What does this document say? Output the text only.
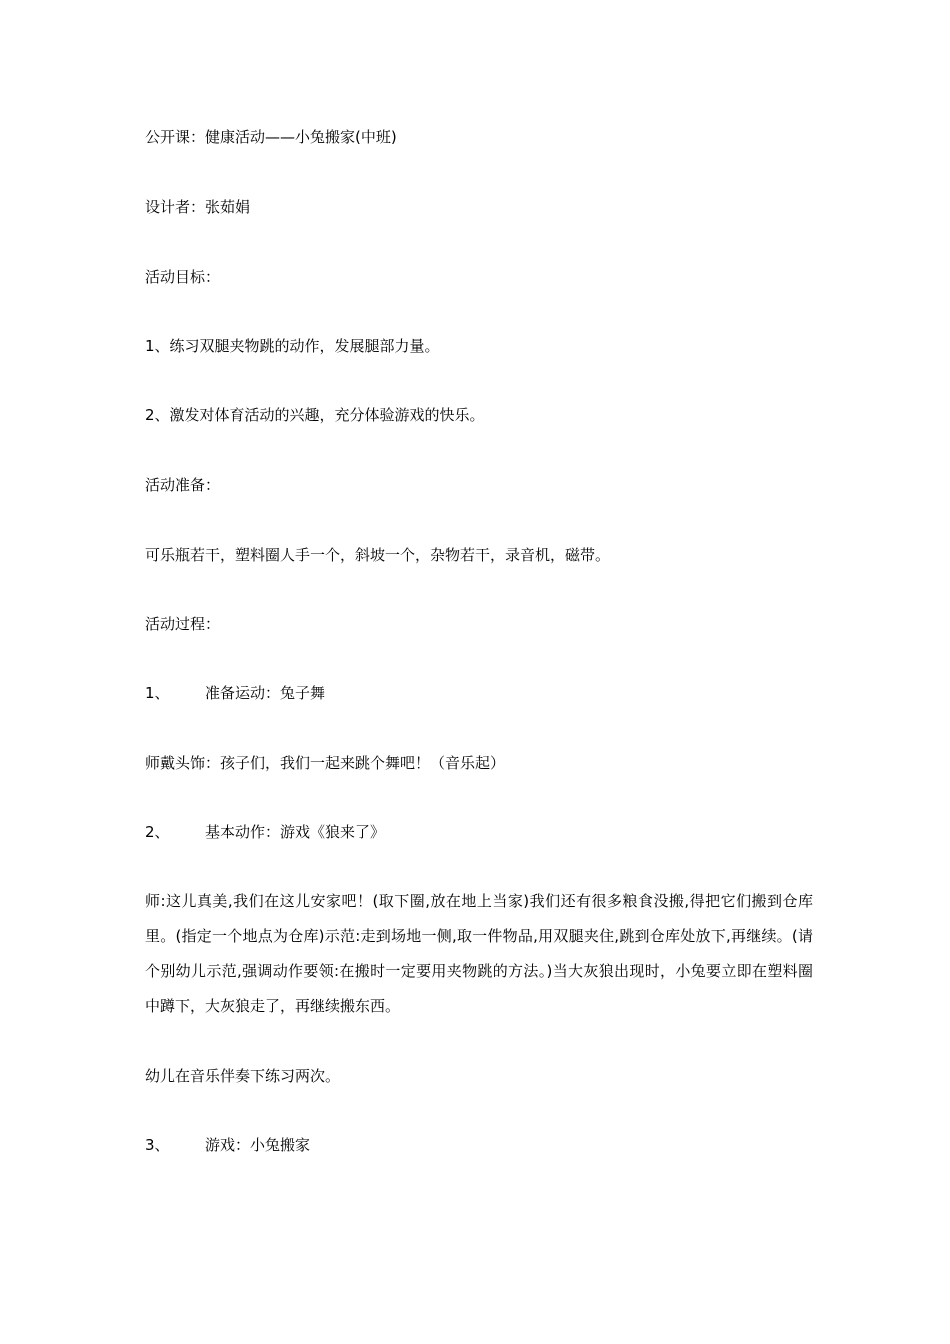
公开课：健康活动——小兔搬家(中班)
设计者：张茹娟
活动目标：
1、练习双腿夹物跳的动作，发展腿部力量。
2、激发对体育活动的兴趣，充分体验游戏的快乐。
活动准备：
可乐瓶若干，塑料圈人手一个，斜坡一个，杂物若干，录音机，磁带。
活动过程：
1、 准备运动：兔子舞
师戴头饰：孩子们，我们一起来跳个舞吧！（音乐起）
2、 基本动作：游戏《狼来了》
师:这儿真美,我们在这儿安家吧！(取下圈,放在地上当家)我们还有很多粮食没搬,得把它们搬到仓库里。(指定一个地点为仓库)示范:走到场地一侧,取一件物品,用双腿夹住,跳到仓库处放下,再继续。(请个别幼儿示范,强调动作要领:在搬时一定要用夹物跳的方法。)当大灰狼出现时，小兔要立即在塑料圈中蹲下，大灰狼走了，再继续搬东西。
幼儿在音乐伴奏下练习两次。
3、 游戏：小兔搬家
